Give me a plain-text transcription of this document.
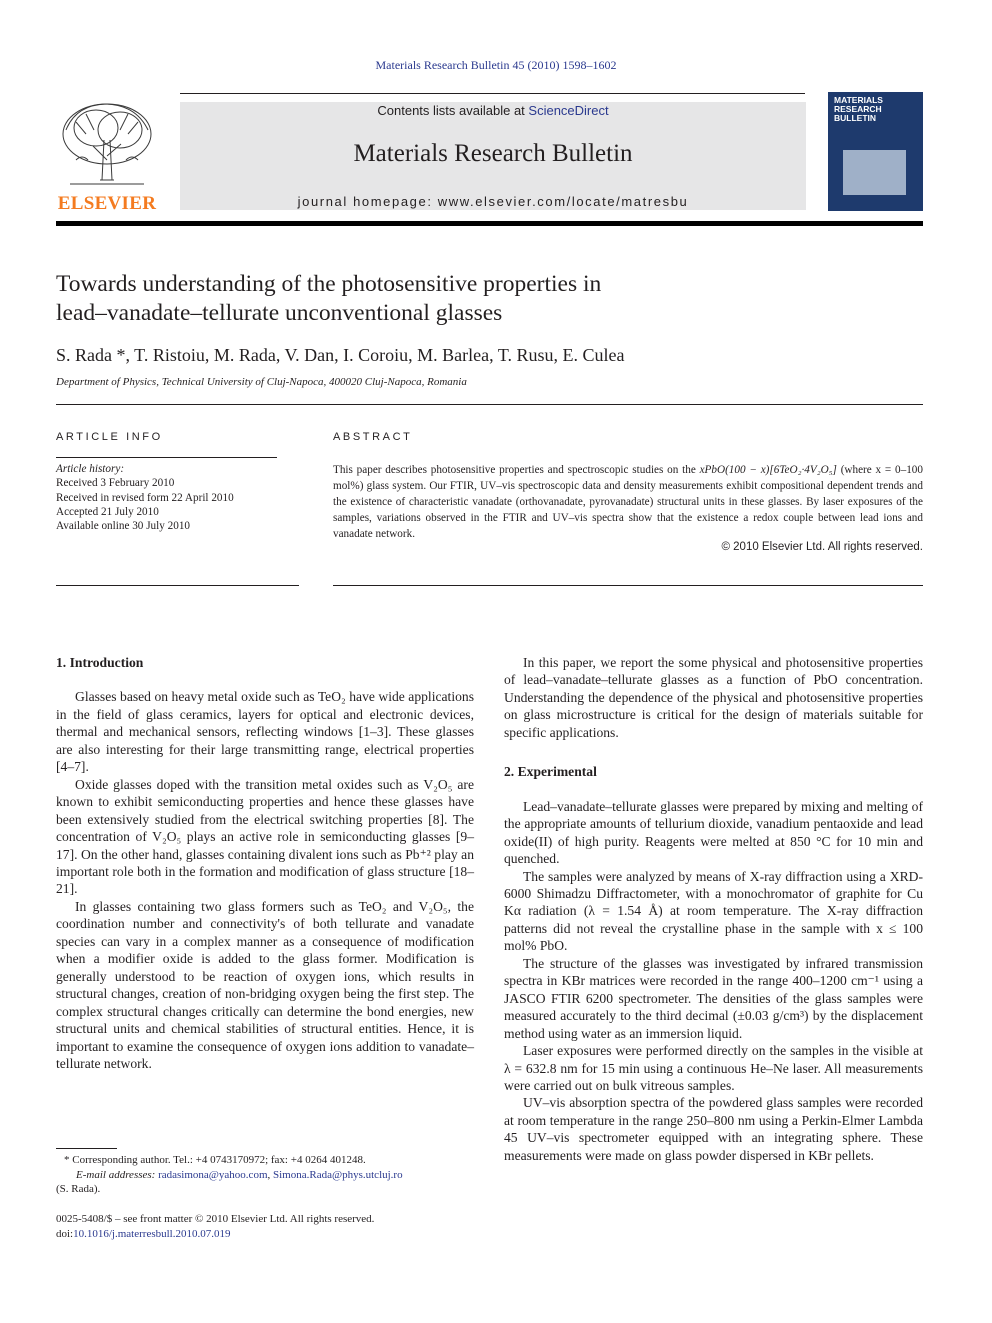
Materials Research Bulletin 45 (2010) 1598–1602
ELSEVIER
Contents lists available at ScienceDirect
Materials Research Bulletin
journal homepage: www.elsevier.com/locate/matresbu
MATERIALS
RESEARCH
BULLETIN
Towards understanding of the photosensitive properties in
lead–vanadate–tellurate unconventional glasses
S. Rada *, T. Ristoiu, M. Rada, V. Dan, I. Coroiu, M. Barlea, T. Rusu, E. Culea
Department of Physics, Technical University of Cluj-Napoca, 400020 Cluj-Napoca, Romania
ARTICLE INFO
Article history:
Received 3 February 2010
Received in revised form 22 April 2010
Accepted 21 July 2010
Available online 30 July 2010
ABSTRACT
This paper describes photosensitive properties and spectroscopic studies on the xPbO(100 − x)[6TeO₂·4V₂O₅] (where x = 0–100 mol%) glass system. Our FTIR, UV–vis spectroscopic data and density measurements exhibit compositional dependent trends and the existence of characteristic vanadate (orthovanadate, pyrovanadate) structural units in these glasses. By laser exposures of the samples, variations observed in the FTIR and UV–vis spectra show that the existence a redox couple between lead ions and vanadate network.
© 2010 Elsevier Ltd. All rights reserved.
1. Introduction

Glasses based on heavy metal oxide such as TeO₂ have wide applications in the field of glass ceramics, layers for optical and electronic devices, thermal and mechanical sensors, reflecting windows [1–3]. These glasses are also interesting for their large transmitting range, electrical properties [4–7].

Oxide glasses doped with the transition metal oxides such as V₂O₅ are known to exhibit semiconducting properties and hence these glasses have been extensively studied from the electrical switching properties [8]. The concentration of V₂O₅ plays an active role in semiconducting glasses [9–17]. On the other hand, glasses containing divalent ions such as Pb⁺² play an important role both in the formation and modification of glass structure [18–21].

In glasses containing two glass formers such as TeO₂ and V₂O₅, the coordination number and connectivity's of both tellurate and vanadate species can vary in a complex manner as a consequence of modification when a modifier oxide is added to the glass former. Modification is generally understood to be reaction of oxygen ions, which results in structural changes, creation of non-bridging oxygen being the first step. The complex structural changes critically can determine the bond energies, new structural units and chemical stabilities of structural entities. Hence, it is important to examine the consequence of oxygen ions addition to vanadate–tellurate network.

In this paper, we report the some physical and photosensitive properties of lead–vanadate–tellurate glasses as a function of PbO concentration. Understanding the dependence of the physical and photosensitive properties on glass microstructure is critical for the design of materials suitable for specific applications.

2. Experimental

Lead–vanadate–tellurate glasses were prepared by mixing and melting of the appropriate amounts of tellurium dioxide, vanadium pentaoxide and lead oxide(II) of high purity. Reagents were melted at 850 °C for 10 min and quenched.

The samples were analyzed by means of X-ray diffraction using a XRD-6000 Shimadzu Diffractometer, with a monochromator of graphite for Cu Kα radiation (λ = 1.54 Å) at room temperature. The X-ray diffraction patterns did not reveal the crystalline phase in the sample with x ≤ 100 mol% PbO.

The structure of the glasses was investigated by infrared transmission spectra in KBr matrices were recorded in the range 400–1200 cm⁻¹ using a JASCO FTIR 6200 spectrometer. The densities of the glass samples were measured accurately to the third decimal (±0.03 g/cm³) by the displacement method using water as an immersion liquid.

Laser exposures were performed directly on the samples in the visible at λ = 632.8 nm for 15 min using a continuous He–Ne laser. All measurements were carried out on bulk vitreous samples.

UV–vis absorption spectra of the powdered glass samples were recorded at room temperature in the range 250–800 nm using a Perkin-Elmer Lambda 45 UV–vis spectrometer equipped with an integrating sphere. These measurements were made on glass powder dispersed in KBr pellets.

* Corresponding author. Tel.: +4 0743170972; fax: +4 0264 401248.
E-mail addresses: radasimona@yahoo.com, Simona.Rada@phys.utcluj.ro
(S. Rada).
0025-5408/$ – see front matter © 2010 Elsevier Ltd. All rights reserved.
doi:10.1016/j.materresbull.2010.07.019
